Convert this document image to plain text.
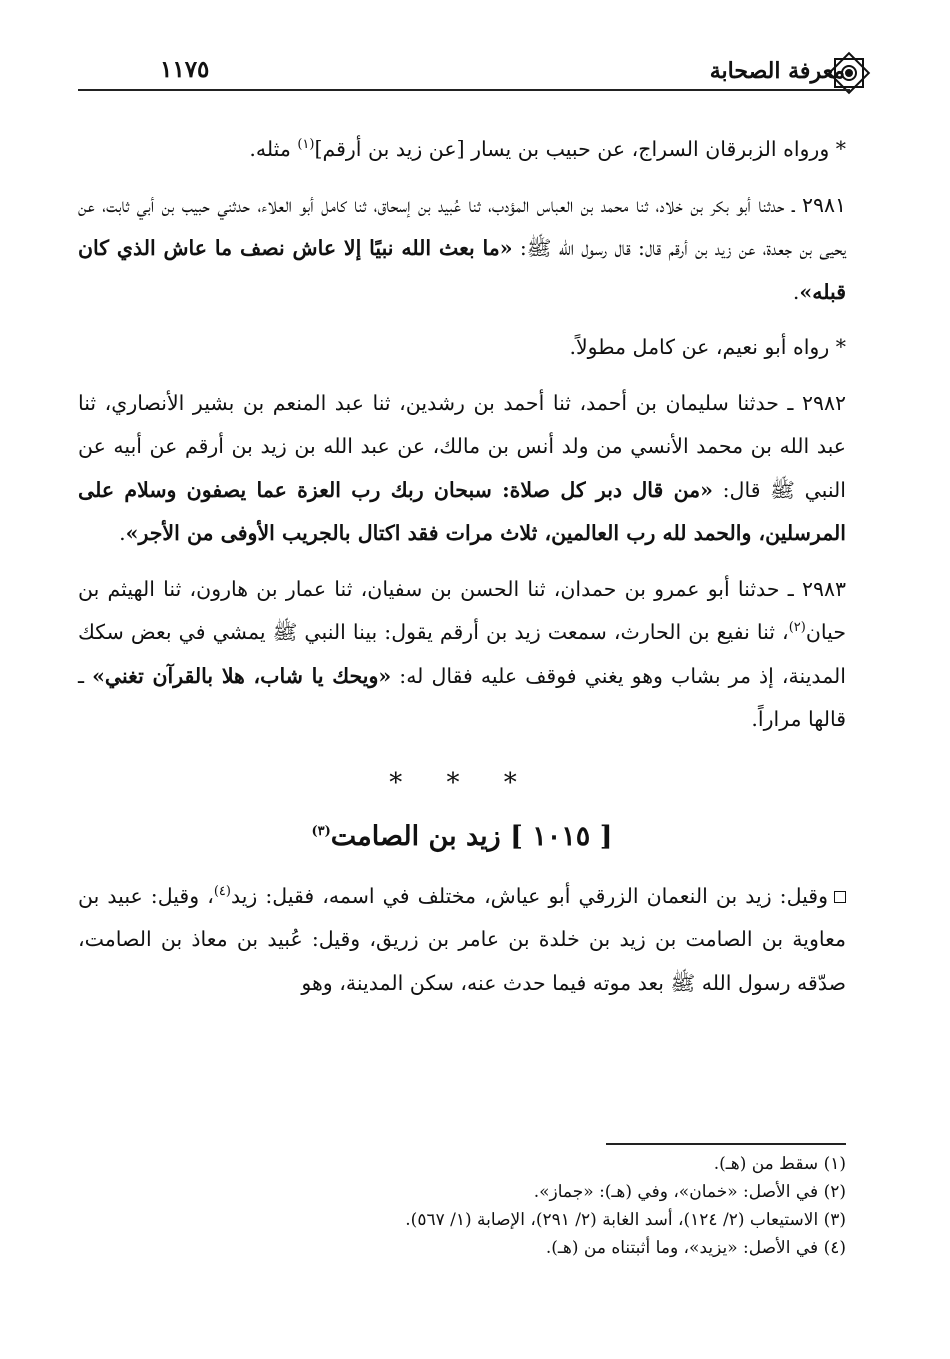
معرفة الصحابة
١١٧٥

* ورواه الزبرقان السراج، عن حبيب بن يسار [عن زيد بن أرقم]$^{(١)}$ مثله.

٢٩٨١ ـ حدثنا أبو بكر بن خلاد، ثنا محمد بن العباس المؤدب، ثنا عُبيد بن إسحاق، ثنا كامل أبو العلاء، حدثني حبيب بن أبي ثابت، عن يحيى بن جعدة، عن زيد بن أرقم قال: قال رسول الله ﷺ: «ما بعث الله نبيًا إلا عاش نصف ما عاش الذي كان قبله».

* رواه أبو نعيم، عن كامل مطولاً.

٢٩٨٢ ـ حدثنا سليمان بن أحمد، ثنا أحمد بن رشدين، ثنا عبد المنعم بن بشير الأنصاري، ثنا عبد الله بن محمد الأنسي من ولد أنس بن مالك، عن عبد الله بن زيد بن أرقم عن أبيه عن النبي ﷺ قال: «من قال دبر كل صلاة: سبحان ربك رب العزة عما يصفون وسلام على المرسلين، والحمد لله رب العالمين، ثلاث مرات فقد اكتال بالجريب الأوفى من الأجر».

٢٩٨٣ ـ حدثنا أبو عمرو بن حمدان، ثنا الحسن بن سفيان، ثنا عمار بن هارون، ثنا الهيثم بن حيان$^{(٢)}$، ثنا نفيع بن الحارث، سمعت زيد بن أرقم يقول: بينا النبي ﷺ يمشي في بعض سكك المدينة، إذ مر بشاب وهو يغني فوقف عليه فقال له: «ويحك يا شاب، هلا بالقرآن تغني» ـ قالها مراراً.

* * *
[ ١٠١٥ ] زيد بن الصامت$^{(٣)}$

وقيل: زيد بن النعمان الزرقي أبو عياش، مختلف في اسمه، فقيل: زيد$^{(٤)}$، وقيل: عبيد بن معاوية بن الصامت بن زيد بن خلدة بن عامر بن زريق، وقيل: عُبيد بن معاذ بن الصامت، صدّقه رسول الله ﷺ بعد موته فيما حدث عنه، سكن المدينة، وهو

(١) سقط من (هـ).
(٢) في الأصل: «خمان»، وفي (هـ): «جماز».
(٣) الاستيعاب (٢/ ١٢٤)، أسد الغابة (٢/ ٢٩١)، الإصابة (١/ ٥٦٧).
(٤) في الأصل: «يزيد»، وما أثبتناه من (هـ).
